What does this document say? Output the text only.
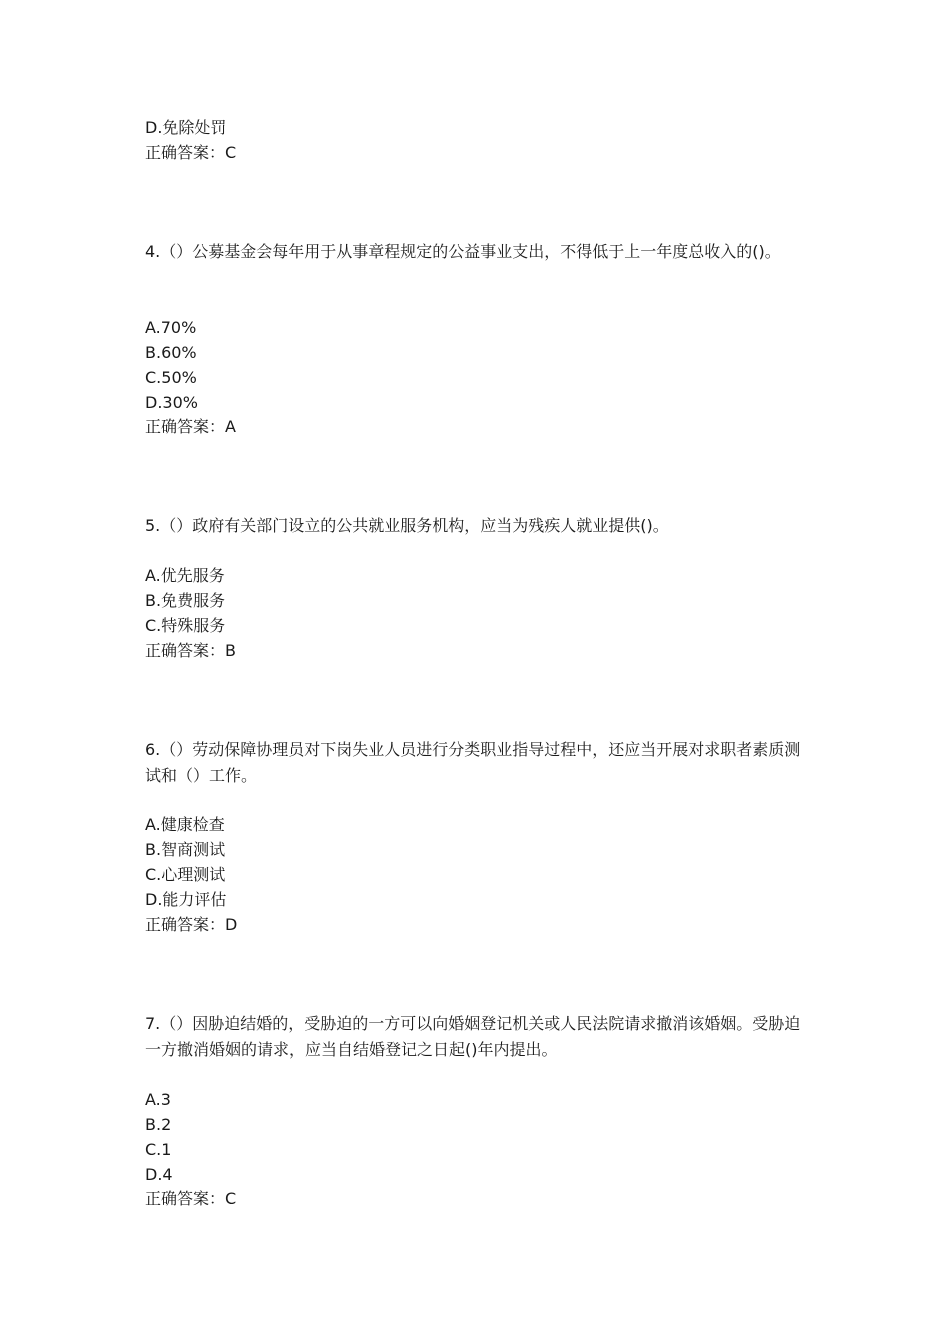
D.免除处罚
正确答案：C
4.（）公募基金会每年用于从事章程规定的公益事业支出，不得低于上一年度总收入的()。
A.70%
B.60%
C.50%
D.30%
正确答案：A
5.（）政府有关部门设立的公共就业服务机构，应当为残疾人就业提供()。
A.优先服务
B.免费服务
C.特殊服务
正确答案：B
6.（）劳动保障协理员对下岗失业人员进行分类职业指导过程中，还应当开展对求职者素质测试和（）工作。
A.健康检查
B.智商测试
C.心理测试
D.能力评估
正确答案：D
7.（）因胁迫结婚的，受胁迫的一方可以向婚姻登记机关或人民法院请求撤消该婚姻。受胁迫一方撤消婚姻的请求，应当自结婚登记之日起()年内提出。
A.3
B.2
C.1
D.4
正确答案：C
